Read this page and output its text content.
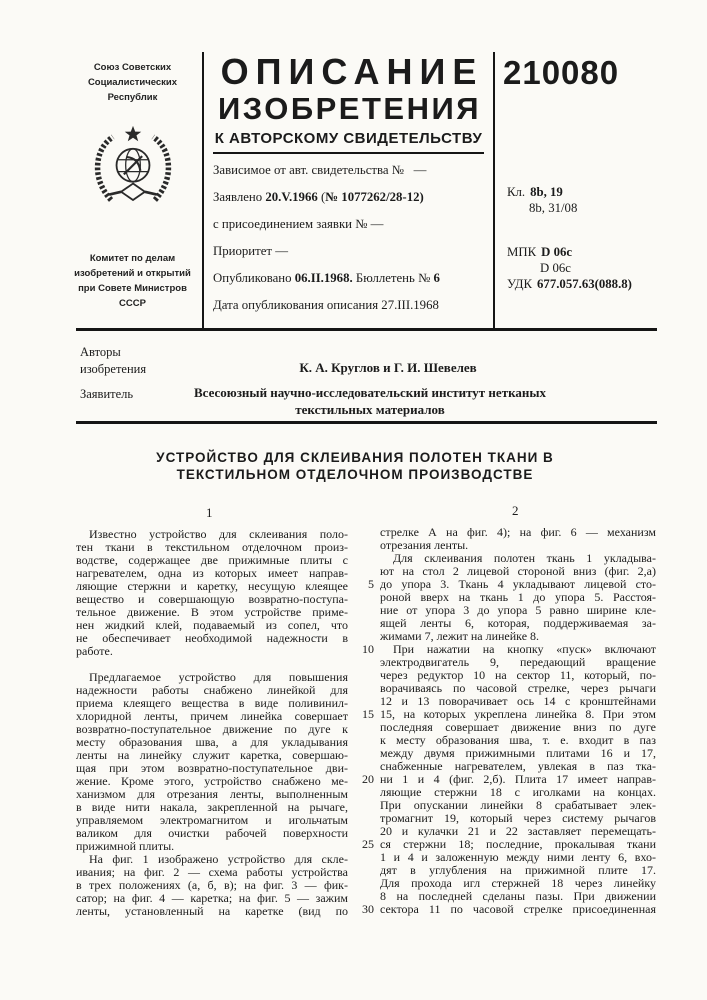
Союз Советских
Социалистических
Республик
Комитет по делам
изобретений и открытий
при Совете Министров
СССР
ОПИСАНИЕ
ИЗОБРЕТЕНИЯ
К АВТОРСКОМУ СВИДЕТЕЛЬСТВУ
210080
Зависимое от авт. свидетельства №  —
Заявлено 20.V.1966 (№ 1077262/28-12)
с присоединением заявки № —
Приоритет —
Опубликовано 06.II.1968. Бюллетень № 6
Дата опубликования описания 27.III.1968
Кл. 8b, 19
8b, 31/08
МПК D 06c
D 06c
УДК 677.057.63(088.8)
Авторы
изобретения	К. А. Круглов и Г. И. Шевелев
Заявитель	Всесоюзный научно-исследовательский институт нетканых
текстильных материалов
УСТРОЙСТВО ДЛЯ СКЛЕИВАНИЯ ПОЛОТЕН ТКАНИ В
ТЕКСТИЛЬНОМ ОТДЕЛОЧНОМ ПРОИЗВОДСТВЕ
1	2
Известно устройство для склеивания поло-
тен ткани в текстильном отделочном произ-
водстве, содержащее две прижимные плиты с
нагревателем, одна из которых имеет направ-
ляющие стержни и каретку, несущую клеящее
вещество и совершающую возвратно-поступа-
тельное движение. В этом устройстве приме-
нен жидкий клей, подаваемый из сопел, что
не обеспечивает необходимой надежности в
работе.
Предлагаемое устройство для повышения
надежности работы снабжено линейкой для
приема клеящего вещества в виде поливинил-
хлоридной ленты, причем линейка совершает
возвратно-поступательное движение по дуге к
месту образования шва, а для укладывания
ленты на линейку служит каретка, совершаю-
щая при этом возвратно-поступательное дви-
жение. Кроме этого, устройство снабжено ме-
ханизмом для отрезания ленты, выполненным
в виде нити накала, закрепленной на рычаге,
управляемом электромагнитом и игольчатым
валиком для очистки рабочей поверхности
прижимной плиты.
На фиг. 1 изображено устройство для скле-
ивания; на фиг. 2 — схема работы устройства
в трех положениях (а, б, в); на фиг. 3 — фик-
сатор; на фиг. 4 — каретка; на фиг. 5 — зажим
ленты, установленный на каретке (вид по
стрелке А на фиг. 4); на фиг. 6 — механизм
отрезания ленты.
Для склеивания полотен ткань 1 укладыва-
ют на стол 2 лицевой стороной вниз (фиг. 2,а)
до упора 3. Ткань 4 укладывают лицевой сто-
роной вверх на ткань 1 до упора 5. Расстоя-
ние от упора 3 до упора 5 равно ширине кле-
ящей ленты 6, которая, поддерживаемая за-
жимами 7, лежит на линейке 8.
При нажатии на кнопку «пуск» включают
электродвигатель 9, передающий вращение
через редуктор 10 на сектор 11, который, по-
ворачиваясь по часовой стрелке, через рычаги
12 и 13 поворачивает ось 14 с кронштейнами
15, на которых укреплена линейка 8. При этом
последняя совершает движение вниз по дуге
к месту образования шва, т. е. входит в паз
между двумя прижимными плитами 16 и 17,
снабженные нагревателем, увлекая в паз тка-
ни 1 и 4 (фиг. 2,б). Плита 17 имеет направ-
ляющие стержни 18 с иголками на концах.
При опускании линейки 8 срабатывает элек-
тромагнит 19, который через систему рычагов
20 и кулачки 21 и 22 заставляет перемещать-
ся стержни 18; последние, прокалывая ткани
1 и 4 и заложенную между ними ленту 6, вхо-
дят в углубления на прижимной плите 17.
Для прохода игл стержней 18 через линейку
8 на последней сделаны пазы. При движении
сектора 11 по часовой стрелке присоединенная
5
10
15
20
25
30
